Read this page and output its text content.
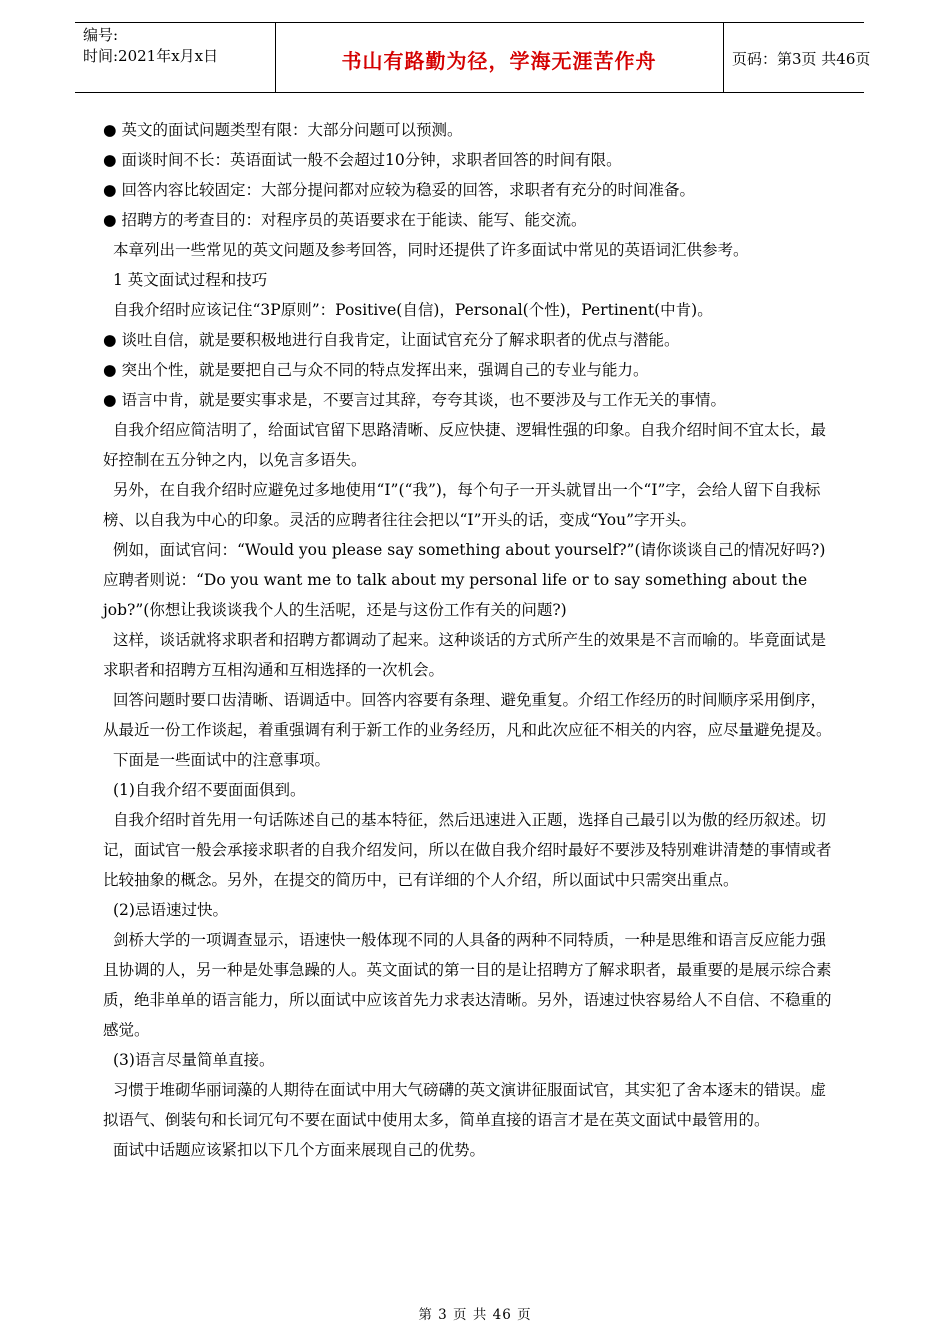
编号:
时间:2021年x月x日	书山有路勤为径，学海无涯苦作舟	页码：第3页 共46页

● 英文的面试问题类型有限：大部分问题可以预测。

● 面谈时间不长：英语面试一般不会超过10分钟，求职者回答的时间有限。

● 回答内容比较固定：大部分提问都对应较为稳妥的回答，求职者有充分的时间准备。

● 招聘方的考查目的：对程序员的英语要求在于能读、能写、能交流。

本章列出一些常见的英文问题及参考回答，同时还提供了许多面试中常见的英语词汇供参考。

1 英文面试过程和技巧

自我介绍时应该记住“3P原则”：Positive(自信)，Personal(个性)，Pertinent(中肯)。

● 谈吐自信，就是要积极地进行自我肯定，让面试官充分了解求职者的优点与潜能。

● 突出个性，就是要把自己与众不同的特点发挥出来，强调自己的专业与能力。

● 语言中肯，就是要实事求是，不要言过其辞，夸夸其谈，也不要涉及与工作无关的事情。

自我介绍应简洁明了，给面试官留下思路清晰、反应快捷、逻辑性强的印象。自我介绍时间不宜太长，最好控制在五分钟之内，以免言多语失。

另外，在自我介绍时应避免过多地使用“I”(“我”)，每个句子一开头就冒出一个“I”字，会给人留下自我标榜、以自我为中心的印象。灵活的应聘者往往会把以“I”开头的话，变成“You”字开头。

例如，面试官问：“Would you please say something about yourself?”(请你谈谈自己的情况好吗?)应聘者则说：“Do you want me to talk about my personal life or to say something about the job?”(你想让我谈谈我个人的生活呢，还是与这份工作有关的问题?)

这样，谈话就将求职者和招聘方都调动了起来。这种谈话的方式所产生的效果是不言而喻的。毕竟面试是求职者和招聘方互相沟通和互相选择的一次机会。

回答问题时要口齿清晰、语调适中。回答内容要有条理、避免重复。介绍工作经历的时间顺序采用倒序，从最近一份工作谈起，着重强调有利于新工作的业务经历，凡和此次应征不相关的内容，应尽量避免提及。

下面是一些面试中的注意事项。

(1)自我介绍不要面面俱到。

自我介绍时首先用一句话陈述自己的基本特征，然后迅速进入正题，选择自己最引以为傲的经历叙述。切记，面试官一般会承接求职者的自我介绍发问，所以在做自我介绍时最好不要涉及特别难讲清楚的事情或者比较抽象的概念。另外，在提交的简历中，已有详细的个人介绍，所以面试中只需突出重点。

(2)忌语速过快。

剑桥大学的一项调查显示，语速快一般体现不同的人具备的两种不同特质，一种是思维和语言反应能力强且协调的人，另一种是处事急躁的人。英文面试的第一目的是让招聘方了解求职者，最重要的是展示综合素质，绝非单单的语言能力，所以面试中应该首先力求表达清晰。另外，语速过快容易给人不自信、不稳重的感觉。

(3)语言尽量简单直接。

习惯于堆砌华丽词藻的人期待在面试中用大气磅礴的英文演讲征服面试官，其实犯了舍本逐末的错误。虚拟语气、倒装句和长词冗句不要在面试中使用太多，简单直接的语言才是在英文面试中最管用的。

面试中话题应该紧扣以下几个方面来展现自己的优势。

第 3 页 共 46 页
